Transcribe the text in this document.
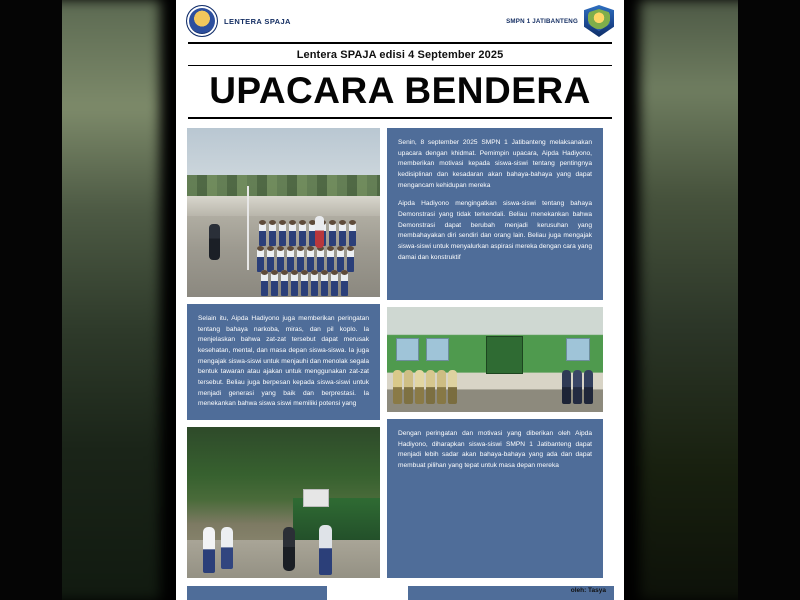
LENTERA SPAJA	SMPN 1 JATIBANTENG
Lentera SPAJA edisi 4 September 2025
UPACARA BENDERA

Selain itu, Aipda Hadiyono juga memberikan peringatan tentang bahaya narkoba, miras, dan pil koplo. Ia menjelaskan bahwa zat-zat tersebut dapat merusak kesehatan, mental, dan masa depan siswa-siswa. Ia juga mengajak siswa-siswi untuk menjauhi dan menolak segala bentuk tawaran atau ajakan untuk menggunakan zat-zat tersebut. Beliau juga berpesan kepada siswa-siswi untuk menjadi generasi yang baik dan berprestasi. Ia menekankan bahwa siswa siswi memiliki potensi yang

Senin, 8 september 2025 SMPN 1 Jatibanteng melaksanakan upacara dengan khidmat. Pemimpin upacara, Aipda Hadiyono, memberikan motivasi kepada siswa-siswi tentang pentingnya kedisiplinan dan kesadaran akan bahaya-bahaya yang dapat mengancam kehidupan mereka

Aipda Hadiyono mengingatkan siswa-siswi tentang bahaya Demonstrasi yang tidak terkendali. Beliau menekankan bahwa Demonstrasi dapat berubah menjadi kerusuhan yang membahayakan diri sendiri dan orang lain. Beliau juga mengajak siswa-siswi untuk menyalurkan aspirasi mereka dengan cara yang damai dan konstruktif

Dengan peringatan dan motivasi yang diberikan oleh Aipda Hadiyono, diharapkan siswa-siswi SMPN 1 Jatibanteng dapat menjadi lebih sadar akan bahaya-bahaya yang ada dan dapat membuat pilihan yang tepat untuk masa depan mereka

oleh: Tasya
